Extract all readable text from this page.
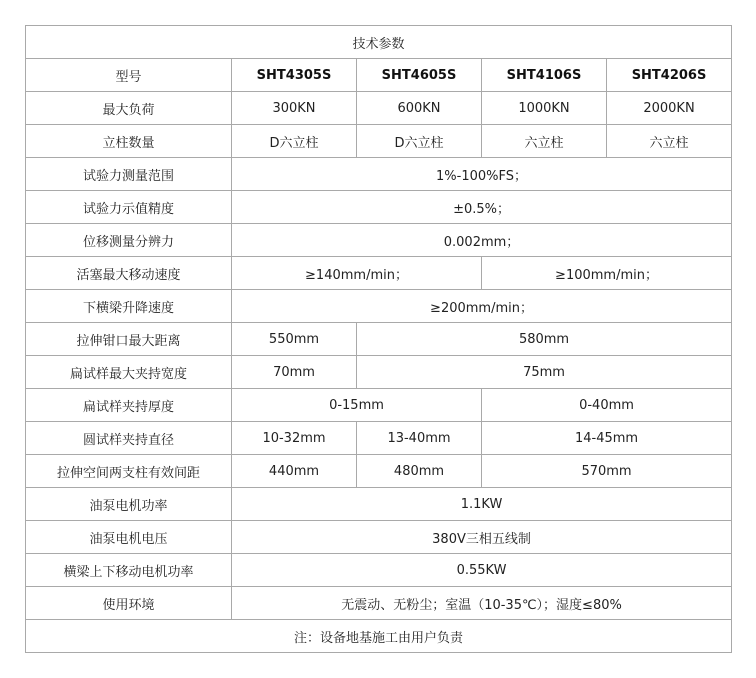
技术参数				
型号	SHT4305S	SHT4605S	SHT4106S	SHT4206S
最大负荷	300KN	600KN	1000KN	2000KN
立柱数量	D六立柱	D六立柱	六立柱	六立柱
试验力测量范围	1%-100%FS；			
试验力示值精度	±0.5%；			
位移测量分辨力	0.002mm；			
活塞最大移动速度	≥140mm/min；		≥100mm/min；	
下横梁升降速度	≥200mm/min；			
拉伸钳口最大距离	550mm	580mm		
扁试样最大夹持宽度	70mm	75mm		
扁试样夹持厚度	0-15mm		0-40mm	
圆试样夹持直径	10-32mm	13-40mm	14-45mm	
拉伸空间两支柱有效间距	440mm	480mm	570mm	
油泵电机功率	1.1KW			
油泵电机电压	380V三相五线制			
横梁上下移动电机功率	0.55KW			
使用环境	无震动、无粉尘；室温（10-35℃）；湿度≤80%			
注：设备地基施工由用户负责				
